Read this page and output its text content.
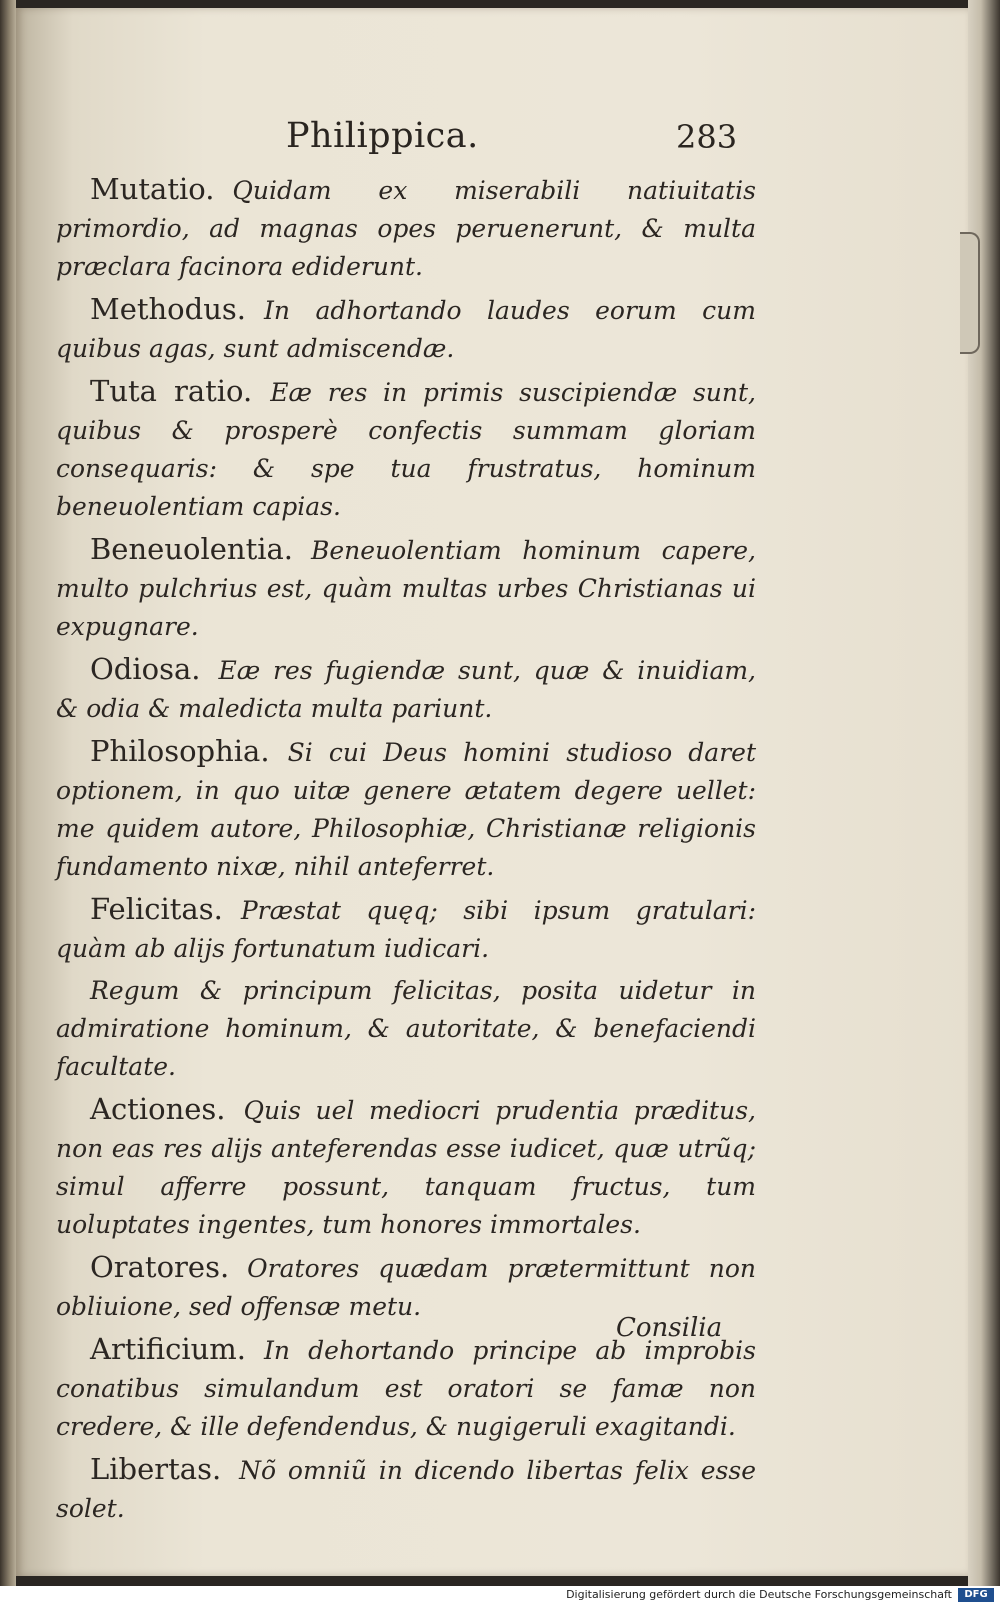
Philippica.	283

Mutatio. Quidam ex miserabili natiuitatis primordio, ad magnas opes peruenerunt, & multa præclara facinora ediderunt.

Methodus. In adhortando laudes eorum cum quibus agas, sunt admiscendæ.

Tuta ratio. Eæ res in primis suscipiendæ sunt, quibus & prosperè confectis summam gloriam consequaris: & spe tua frustratus, hominum beneuolentiam capias.

Beneuolentia. Beneuolentiam hominum capere, multo pulchrius est, quàm multas urbes Christianas ui expugnare.

Odiosa. Eæ res fugiendæ sunt, quæ & inuidiam, & odia & maledicta multa pariunt.

Philosophia. Si cui Deus homini studioso daret optionem, in quo uitæ genere ætatem degere uellet: me quidem autore, Philosophiæ, Christianæ religionis fundamento nixæ, nihil anteferret.

Felicitas. Præstat quęq; sibi ipsum gratulari: quàm ab alijs fortunatum iudicari.

Regum & principum felicitas, posita uidetur in admiratione hominum, & autoritate, & benefaciendi facultate.

Actiones. Quis uel mediocri prudentia præditus, non eas res alijs anteferendas esse iudicet, quæ utrũq; simul afferre possunt, tanquam fructus, tum uoluptates ingentes, tum honores immortales.

Oratores. Oratores quædam prætermittunt non obliuione, sed offensæ metu.

Artificium. In dehortando principe ab improbis conatibus simulandum est oratori se famæ non credere, & ille defendendus, & nugigeruli exagitandi.

Libertas. Nõ omniũ in dicendo libertas felix esse solet.

Consilia
Digitalisierung gefördert durch die Deutsche Forschungsgemeinschaft	DFG
